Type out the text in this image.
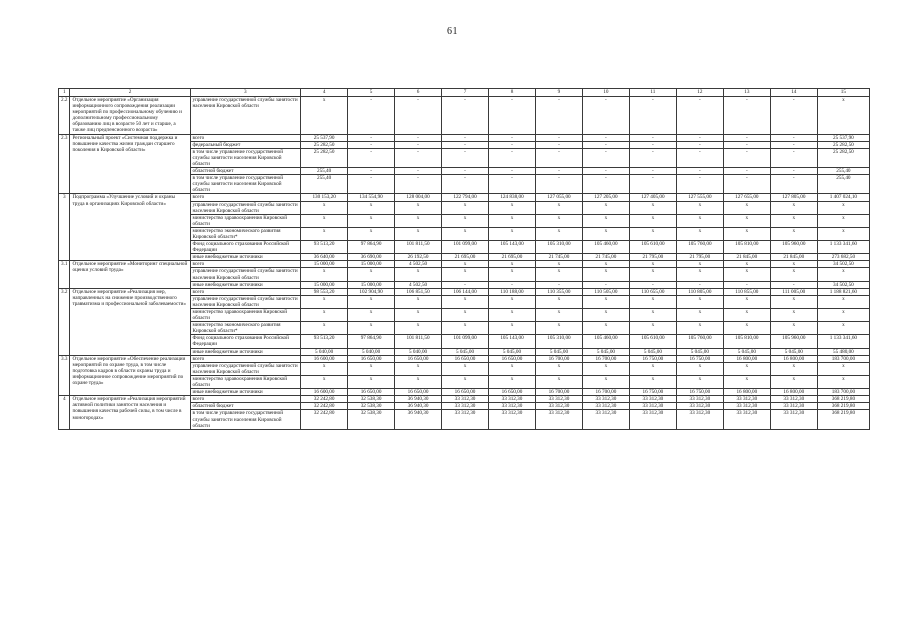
61
1	2	3	4	5	6	7	8	9	10	11	12	13	14	15
2.2	Отдельное мероприятие «Организация информационного сопровождения реализации мероприятий по профессиональному обучению и дополнительному профессиональному образованию лиц в возрасте 50 лет и старше, а также лиц предпенсионного возраста»	управление государственной службы занятости населения Кировской области	x	-	-	-	-	-	-	-	-	-	-	x
2.3	Региональный проект «Системная поддержка и повышение качества жизни граждан старшего поколения в Кировской области»	всего	25 537,90	-	-	-	-	-	-	-	-	-	-	25 537,90
		федеральный бюджет	25 282,50	-	-	-	-	-	-	-	-	-	-	25 282,50
		в том числе управление государственной службы занятости населения Кировской области	25 282,50	-	-	-	-	-	-	-	-	-	-	25 282,50
		областной бюджет	255,40	-	-	-	-	-	-	-	-	-	-	255,40
		в том числе управление государственной службы занятости населения Кировской области	255,40	-	-	-	-	-	-	-	-	-	-	255,40
3	Подпрограмма «Улучшение условий и охраны труда в организациях Кировской области»	всего	130 153,20	134 554,90	128 004,00	122 794,00	124 838,00	127 055,00	127 205,00	127 405,00	127 555,00	127 655,00	127 805,00	1 407 024,10
		управление государственной службы занятости населения Кировской области	x	x	x	x	x	x	x	x	x	x	x	x
		министерство здравоохранения Кировской области	x	x	x	x	x	x	x	x	x	x	x	x
		министерство экономического развития Кировской области*	x	x	x	x	x	x	x	x	x	x	x	x
		Фонд социального страхования Российской Федерации	93 513,20	97 864,90	101 811,50	101 099,00	105 143,00	105 310,00	105 460,00	105 610,00	105 760,00	105 810,00	105 960,00	1 133 341,60
		иные внебюджетные источники	36 640,00	36 690,00	26 192,50	21 695,00	21 695,00	21 745,00	21 745,00	21 795,00	21 795,00	21 845,00	21 845,00	273 682,50
3.1	Отдельное мероприятие «Мониторинг специальной оценки условий труда»	всего	15 000,00	15 000,00	4 502,50	x	x	x	x	x	x	x	x	34 502,50
		управление государственной службы занятости населения Кировской области	x	x	x	x	x	x	x	x	x	x	x	x
		иные внебюджетные источники	15 000,00	15 000,00	4 502,50	-	-	-	-	-	-	-	-	34 502,50
3.2	Отдельное мероприятие «Реализация мер, направленных на снижение производственного травматизма и профессиональной заболеваемости»	всего	98 553,20	102 904,90	106 851,50	106 144,00	110 188,00	110 355,00	110 505,00	110 655,00	110 805,00	110 855,00	111 005,00	1 188 821,60
		управление государственной службы занятости населения Кировской области	x	x	x	x	x	x	x	x	x	x	x	x
		министерство здравоохранения Кировской области	x	x	x	x	x	x	x	x	x	x	x	x
		министерство экономического развития Кировской области*	x	x	x	x	x	x	x	x	x	x	x	x
		Фонд социального страхования Российской Федерации	93 513,20	97 864,90	101 811,50	101 099,00	105 143,00	105 310,00	105 460,00	105 610,00	105 760,00	105 810,00	105 960,00	1 133 341,60
		иные внебюджетные источники	5 040,00	5 040,00	5 040,00	5 045,00	5 045,00	5 045,00	5 045,00	5 045,00	5 045,00	5 045,00	5 045,00	55 480,00
3.3	Отдельное мероприятие «Обеспечение реализации мероприятий по охране труда, в том числе подготовка кадров в области охраны труда и информационное сопровождение мероприятий по охране труда»	всего	16 600,00	16 650,00	16 650,00	16 650,00	16 650,00	16 700,00	16 700,00	16 750,00	16 750,00	16 800,00	16 800,00	183 700,00
		управление государственной службы занятости населения Кировской области	x	x	x	x	x	x	x	x	x	x	x	x
		министерство здравоохранения Кировской области	x	x	x	x	x	x	x	x	x	x	x	x
		иные внебюджетные источники	16 600,00	16 650,00	16 650,00	16 650,00	16 650,00	16 700,00	16 700,00	16 750,00	16 750,00	16 800,00	16 800,00	183 700,00
4	Отдельное мероприятие «Реализация мероприятий активной политики занятости населения и повышения качества рабочей силы, в том числе в моногородах»	всего	32 242,80	32 538,30	36 940,30	33 312,30	33 312,30	33 312,30	33 312,30	33 312,30	33 312,30	33 312,30	33 312,30	368 219,80
		областной бюджет	32 242,80	32 538,30	36 940,30	33 312,30	33 312,30	33 312,30	33 312,30	33 312,30	33 312,30	33 312,30	33 312,30	368 219,80
		в том числе управление государственной службы занятости населения Кировской области	32 242,80	32 538,30	36 940,30	33 312,30	33 312,30	33 312,30	33 312,30	33 312,30	33 312,30	33 312,30	33 312,30	368 219,80
